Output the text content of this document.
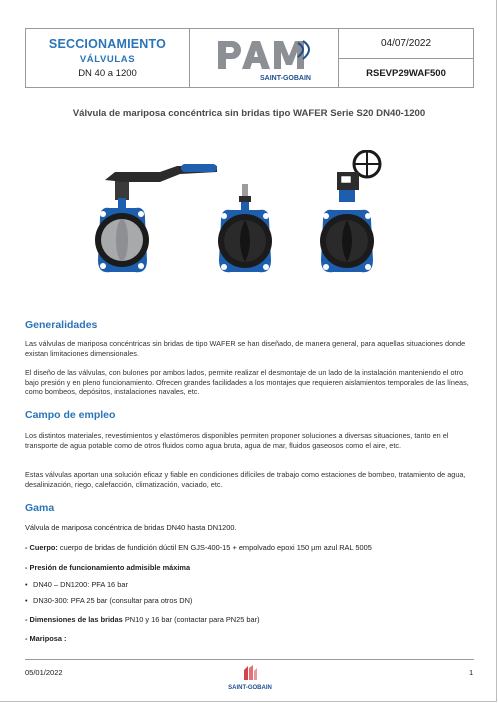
SECCIONAMIENTO
VÁLVULAS
DN 40 a 1200	SAINT-GOBAIN
04/07/2022
RSEVP29WAF500
Válvula de mariposa concéntrica sin bridas tipo WAFER Serie S20 DN40-1200
Generalidades
Las válvulas de mariposa concéntricas sin bridas de tipo WAFER se han diseñado, de manera general, para aquellas situaciones donde existan limitaciones dimensionales.
El diseño de las válvulas, con bulones por ambos lados, permite realizar el desmontaje de un lado de la instalación manteniendo el otro bajo presión y en pleno funcionamiento. Ofrecen grandes facilidades a los montajes que requieren aislamientos temporales de las líneas, como bombeos, depósitos, instalaciones navales, etc.
Campo de empleo
Los distintos materiales, revestimientos y elastómeros disponibles permiten proponer soluciones a diversas situaciones, tanto en el transporte de agua potable como de otros fluidos como agua bruta, agua de mar, fluidos gaseosos como el aire, etc.
Estas válvulas aportan una solución eficaz y fiable en condiciones difíciles de trabajo como estaciones de bombeo, tratamiento de agua, desalinización, riego, calefacción, climatización, vaciado, etc.
Gama
Válvula de mariposa concéntrica de bridas DN40 hasta DN1200.
- Cuerpo: cuerpo de bridas de fundición dúctil EN GJS-400-15 + empolvado epoxi 150 µm azul RAL 5005
- Presión de funcionamiento admisible máxima
• DN40 – DN1200: PFA 16 bar
• DN30-300: PFA 25 bar (consultar para otros DN)
- Dimensiones de las bridas PN10 y 16 bar (contactar para PN25 bar)
- Mariposa :
05/01/2022
SAINT-GOBAIN
1
